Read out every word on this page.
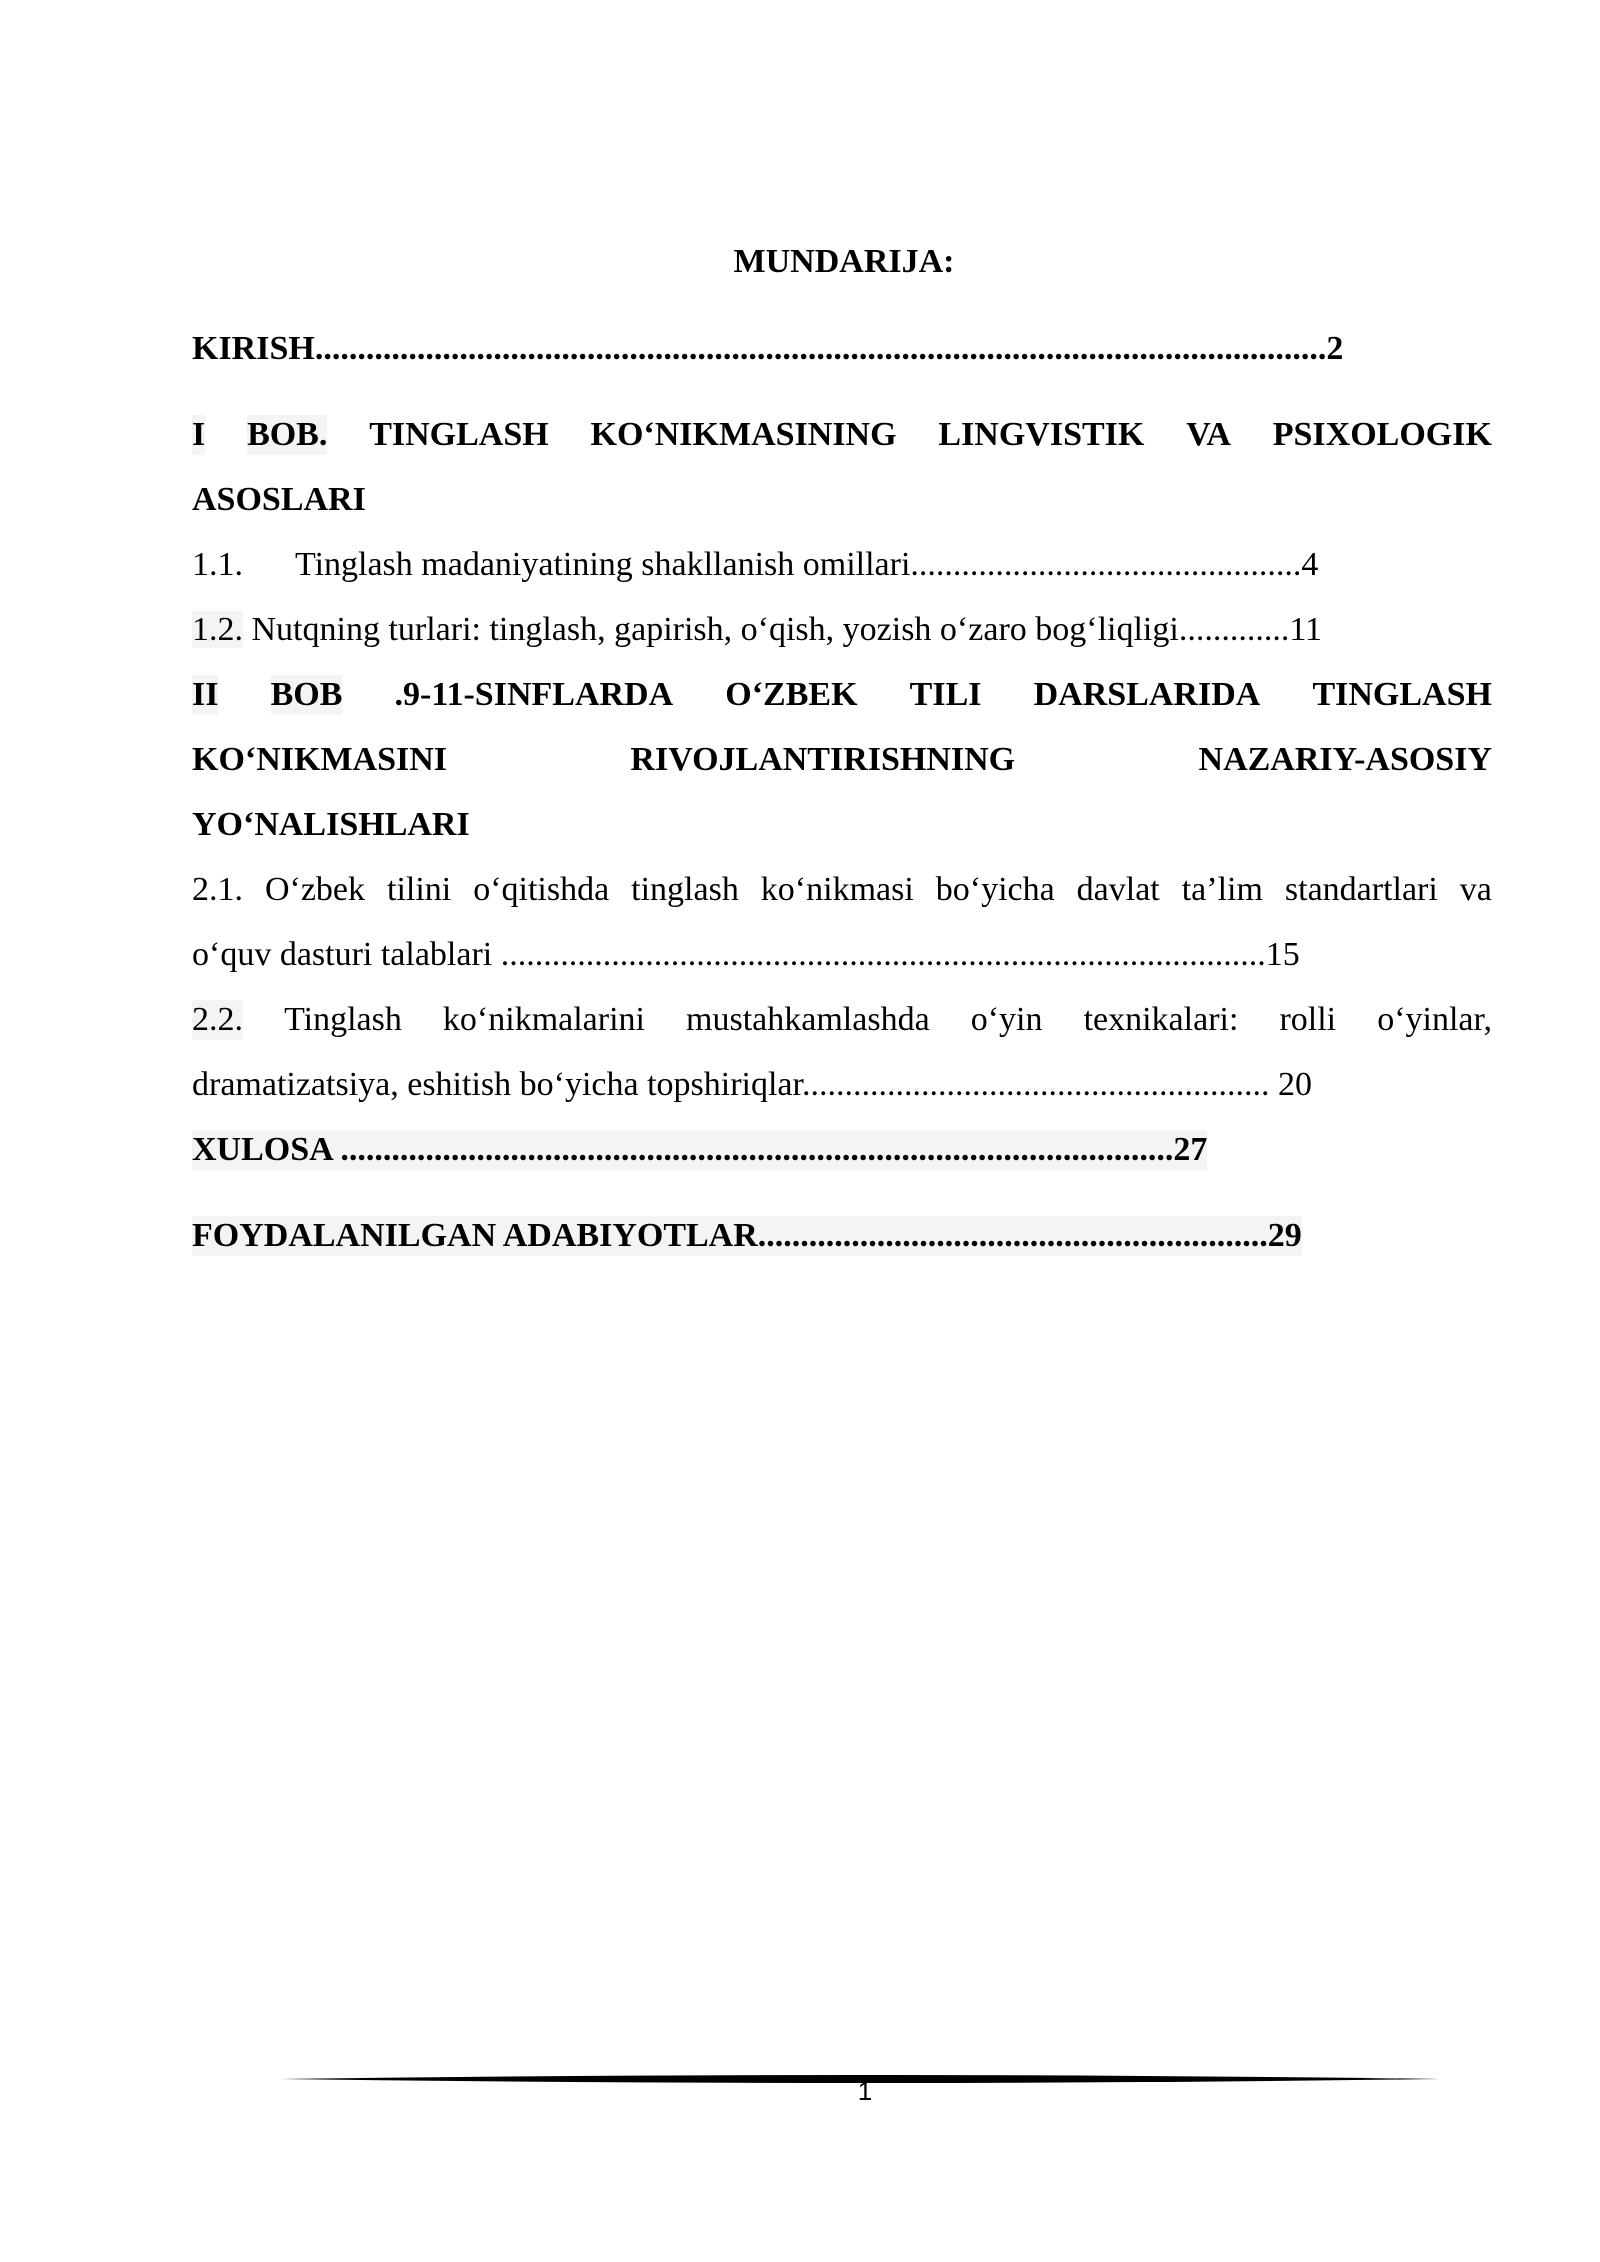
MUNDARIJA:
KIRISH.......................................................................................................................2
I BOB. TINGLASH KO‘NIKMASINING LINGVISTIK VA PSIXOLOGIK
ASOSLARI
1.1. Tinglash madaniyatining shakllanish omillari..............................................4
1.2. Nutqning turlari: tinglash, gapirish, o‘qish, yozish o‘zaro bog‘liqligi.............11
II BOB .9-11-SINFLARDA O‘ZBEK TILI DARSLARIDA TINGLASH
KO‘NIKMASINI	RIVOJLANTIRISHNING	NAZARIY-ASOSIY
YO‘NALISHLARI
2.1. O‘zbek tilini o‘qitishda tinglash ko‘nikmasi bo‘yicha davlat ta’lim standartlari va
o‘quv dasturi talablari ..........................................................................................15
2.2. Tinglash ko‘nikmalarini mustahkamlashda o‘yin texnikalari: rolli o‘yinlar,
dramatizatsiya, eshitish bo‘yicha topshiriqlar....................................................... 20
XULOSA ..................................................................................................27
FOYDALANILGAN ADABIYOTLAR............................................................29
1
